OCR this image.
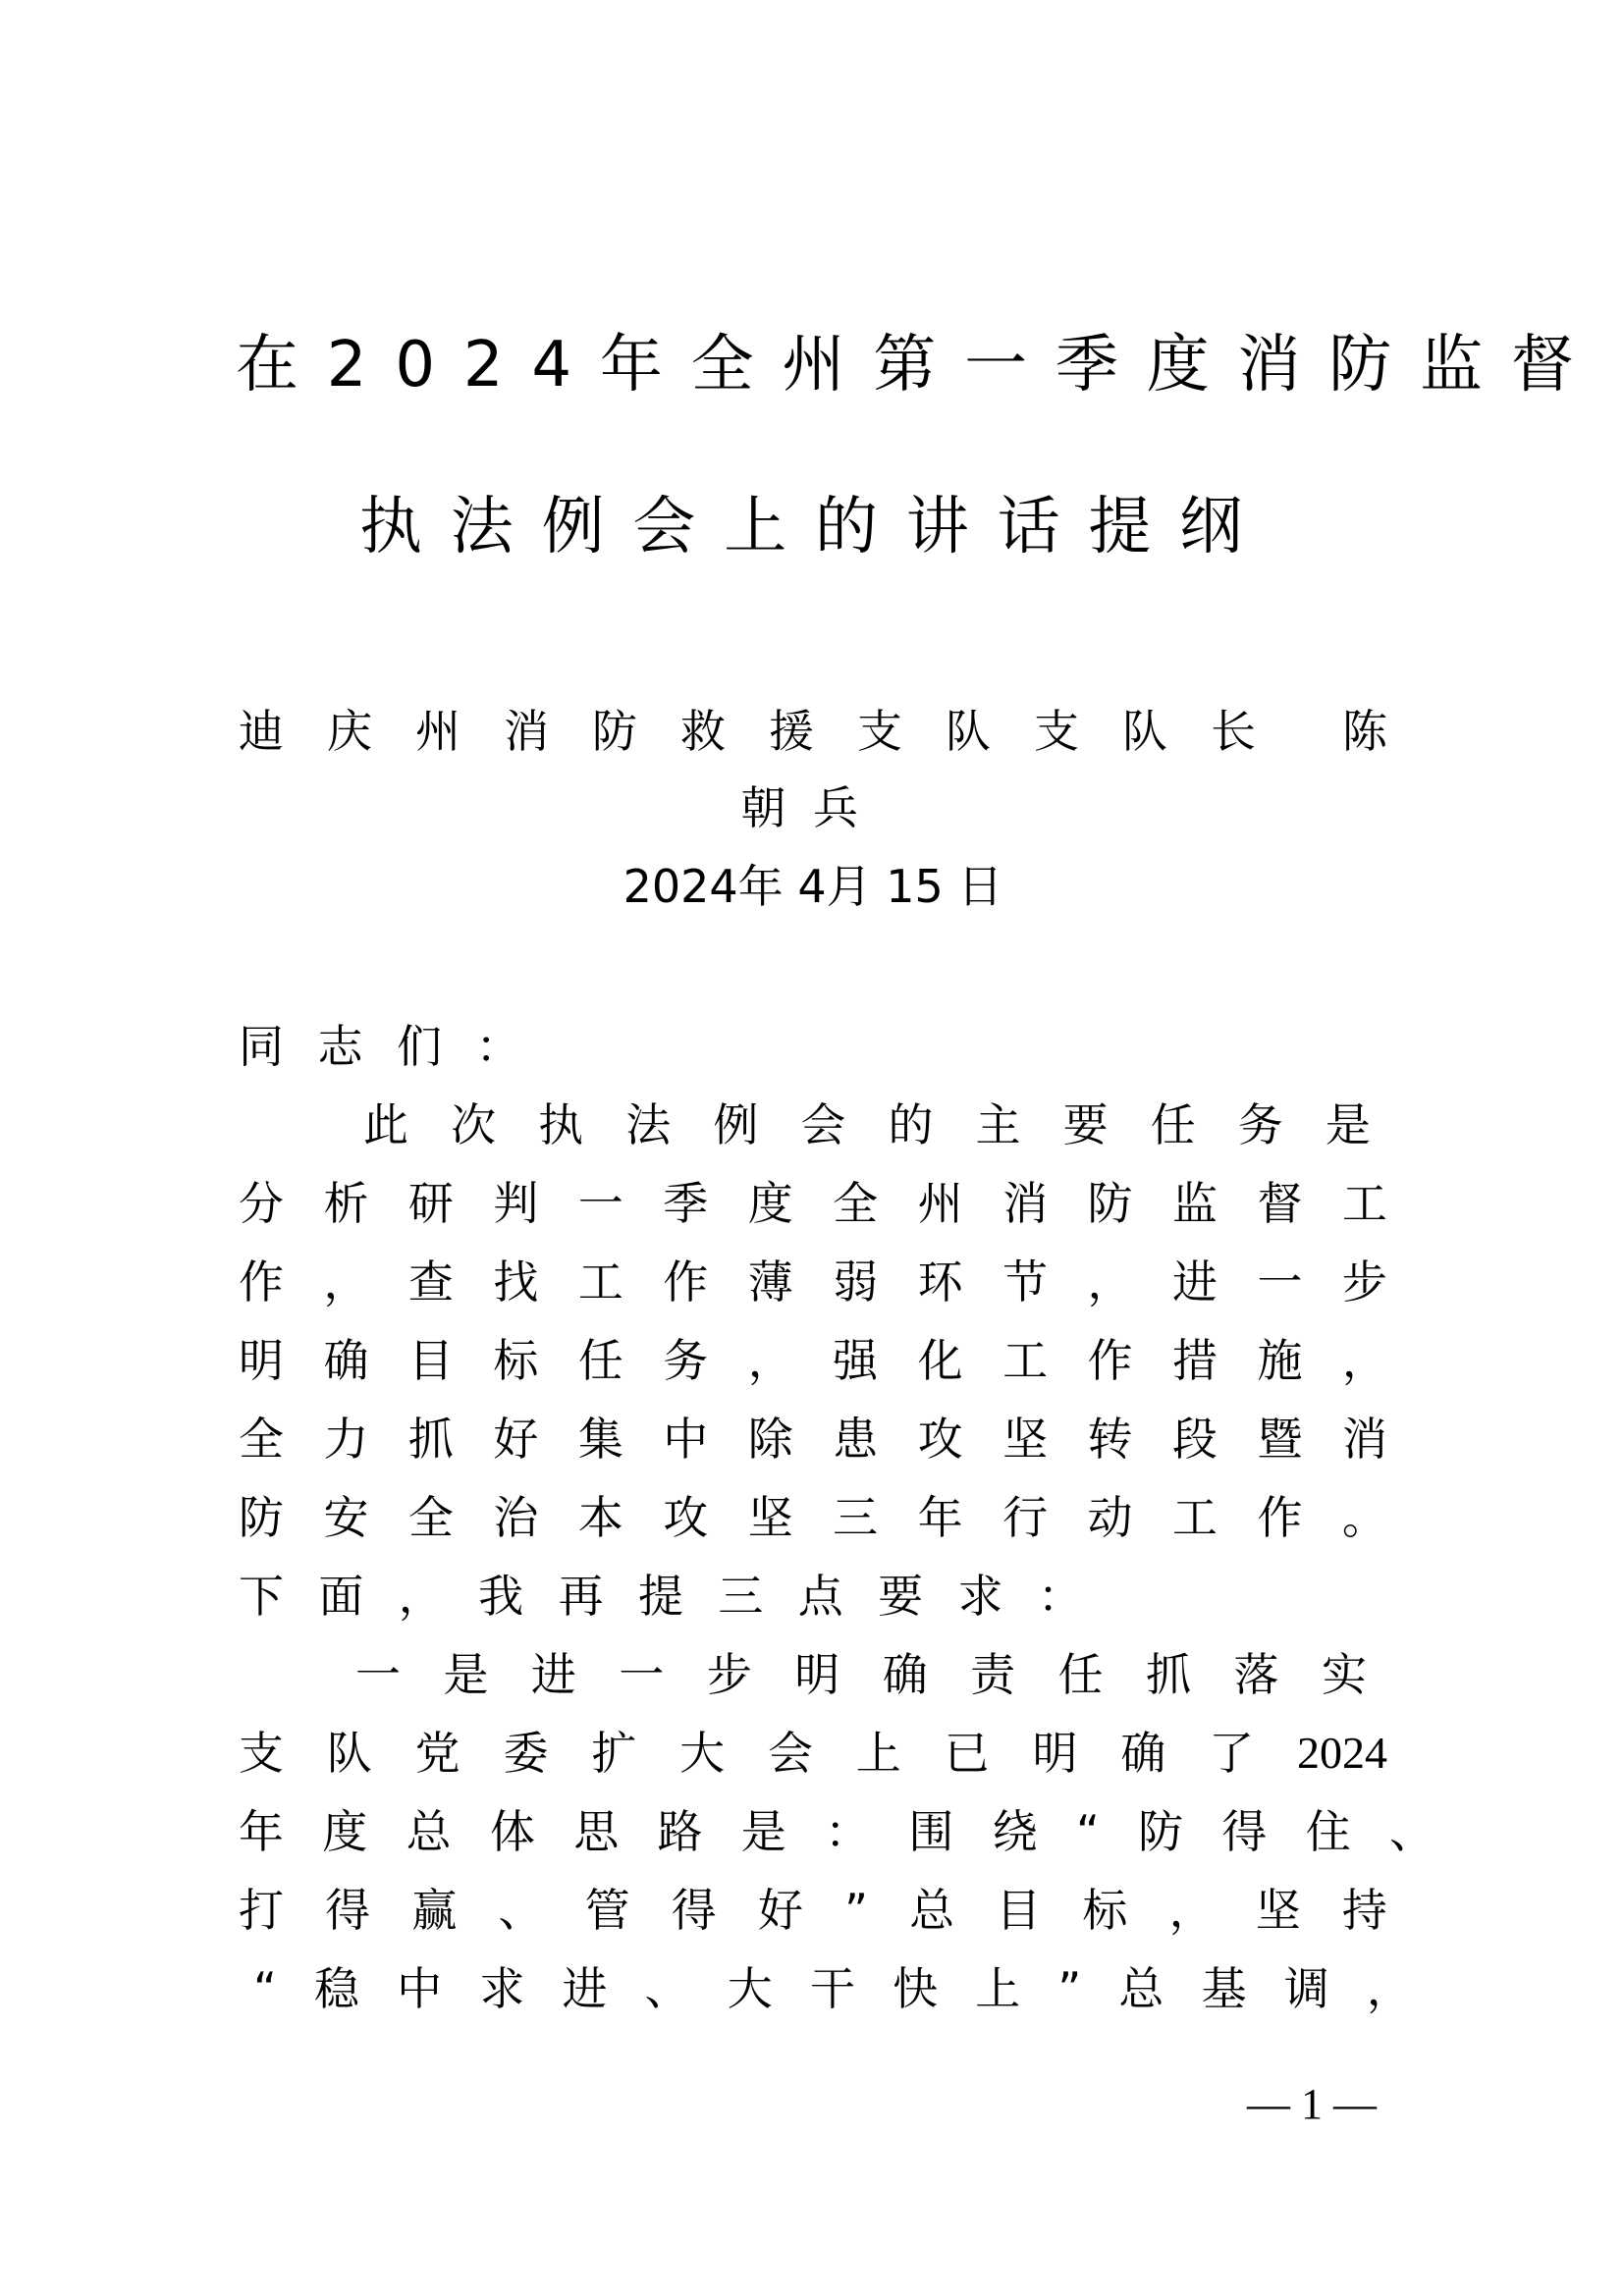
在2024年全州第一季度消防监督
执法例会上的讲话提纲
迪 庆 州 消 防 救 援 支 队 支 队 长 陈
朝兵
2024年 4月 15 日
同志们：
此 次 执 法 例 会 的 主 要 任 务 是
分 析 研 判 一 季 度 全 州 消 防 监 督 工
作 ， 查 找 工 作 薄 弱 环 节 ， 进 一 步
明 确 目 标 任 务 ， 强 化 工 作 措 施 ，
全 力 抓 好 集 中 除 患 攻 坚 转 段 暨 消
防 安 全 治 本 攻 坚 三 年 行 动 工 作 。
下 面 ， 我 再 提 三 点 要 求 ：
一 是 进 一 步 明 确 责 任 抓 落 实
支 队 党 委 扩 大 会 上 已 明 确 了 2024
年 度 总 体 思 路 是 ： 围 绕 “ 防 得 住 、
打 得 赢 、 管 得 好 ” 总 目 标 ， 坚 持
“ 稳 中 求 进 、 大 干 快 上 ” 总 基 调 ，
— 1 —
